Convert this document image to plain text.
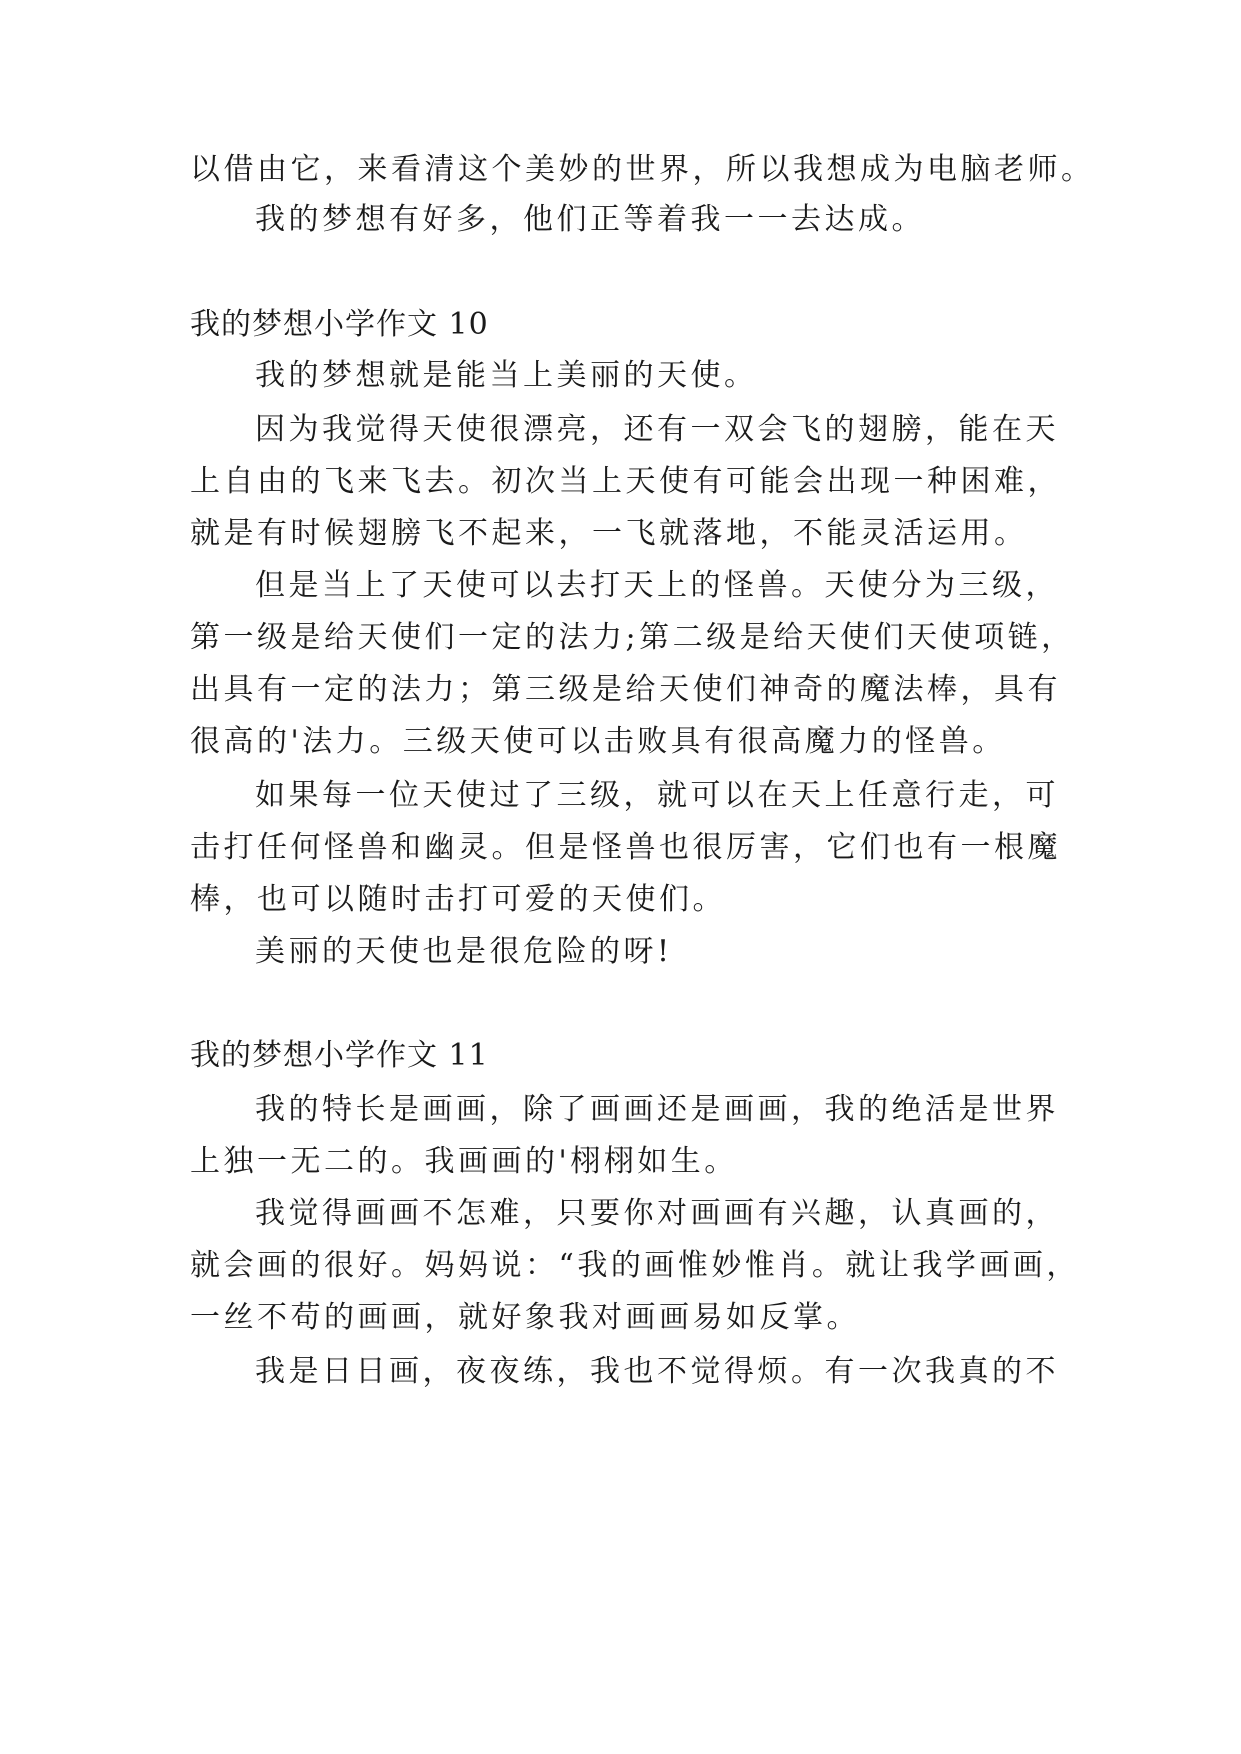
以借由它，来看清这个美妙的世界，所以我想成为电脑老师。
我的梦想有好多，他们正等着我一一去达成。
我的梦想小学作文 10
我的梦想就是能当上美丽的天使。
因为我觉得天使很漂亮，还有一双会飞的翅膀，能在天
上自由的飞来飞去。初次当上天使有可能会出现一种困难，
就是有时候翅膀飞不起来，一飞就落地，不能灵活运用。
但是当上了天使可以去打天上的怪兽。天使分为三级，
第一级是给天使们一定的法力;第二级是给天使们天使项链，
出具有一定的法力；第三级是给天使们神奇的魔法棒，具有
很高的'法力。三级天使可以击败具有很高魔力的怪兽。
如果每一位天使过了三级，就可以在天上任意行走，可
击打任何怪兽和幽灵。但是怪兽也很厉害，它们也有一根魔
棒，也可以随时击打可爱的天使们。
美丽的天使也是很危险的呀!
我的梦想小学作文 11
我的特长是画画，除了画画还是画画，我的绝活是世界
上独一无二的。我画画的'栩栩如生。
我觉得画画不怎难，只要你对画画有兴趣，认真画的，
就会画的很好。妈妈说：“我的画惟妙惟肖。就让我学画画，
一丝不苟的画画，就好象我对画画易如反掌。
我是日日画，夜夜练，我也不觉得烦。有一次我真的不
